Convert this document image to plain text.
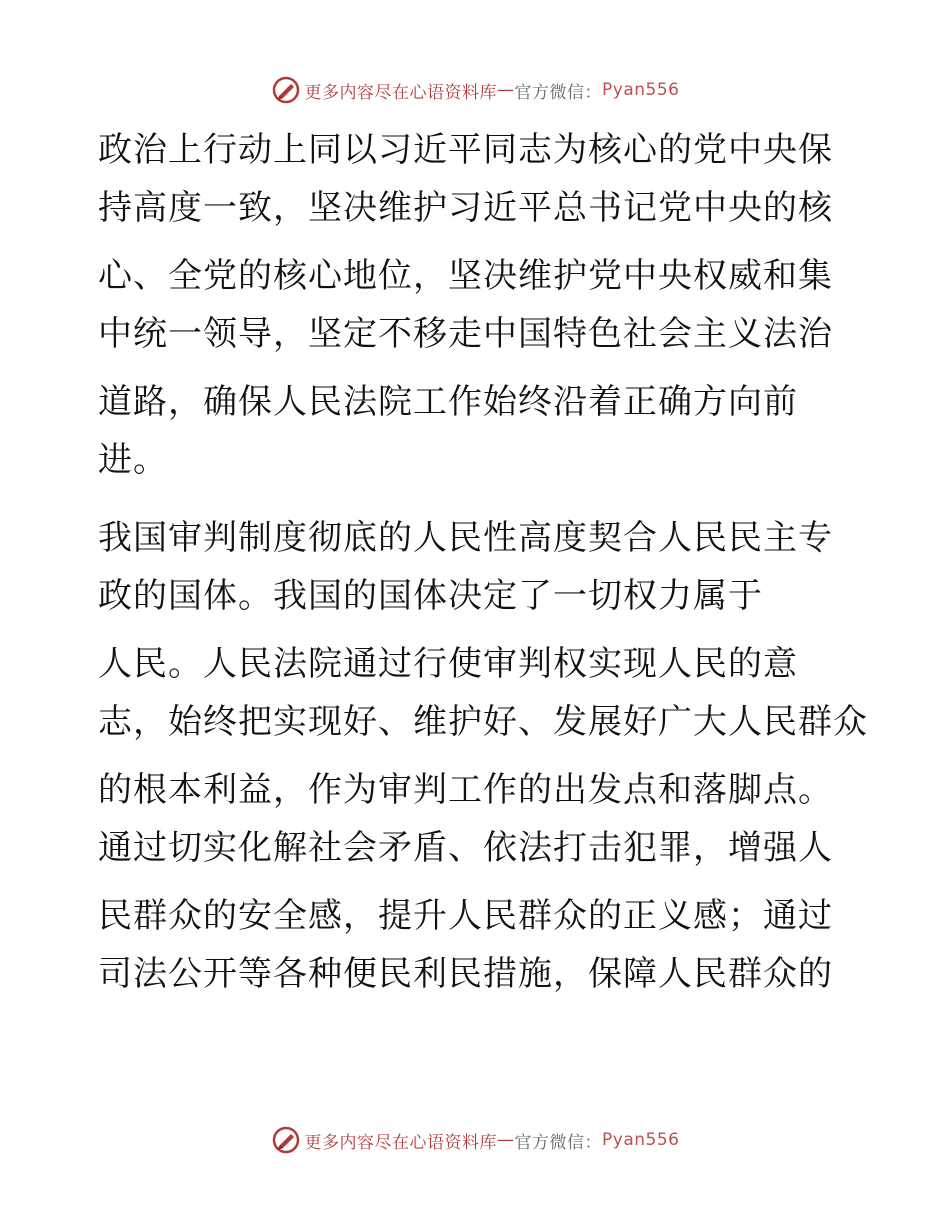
更多内容尽在心语资料库 — 官方微信： Pyan556
政治上行动上同以习近平同志为核心的党中央保
持高度一致，坚决维护习近平总书记党中央的核
心、全党的核心地位，坚决维护党中央权威和集
中统一领导，坚定不移走中国特色社会主义法治
道路，确保人民法院工作始终沿着正确方向前
进。
我国审判制度彻底的人民性高度契合人民民主专
政的国体。我国的国体决定了一切权力属于
人民。人民法院通过行使审判权实现人民的意
志，始终把实现好、维护好、发展好广大人民群众
的根本利益，作为审判工作的出发点和落脚点。
通过切实化解社会矛盾、依法打击犯罪，增强人
民群众的安全感，提升人民群众的正义感；通过
司法公开等各种便民利民措施，保障人民群众的
更多内容尽在心语资料库 — 官方微信： Pyan556
